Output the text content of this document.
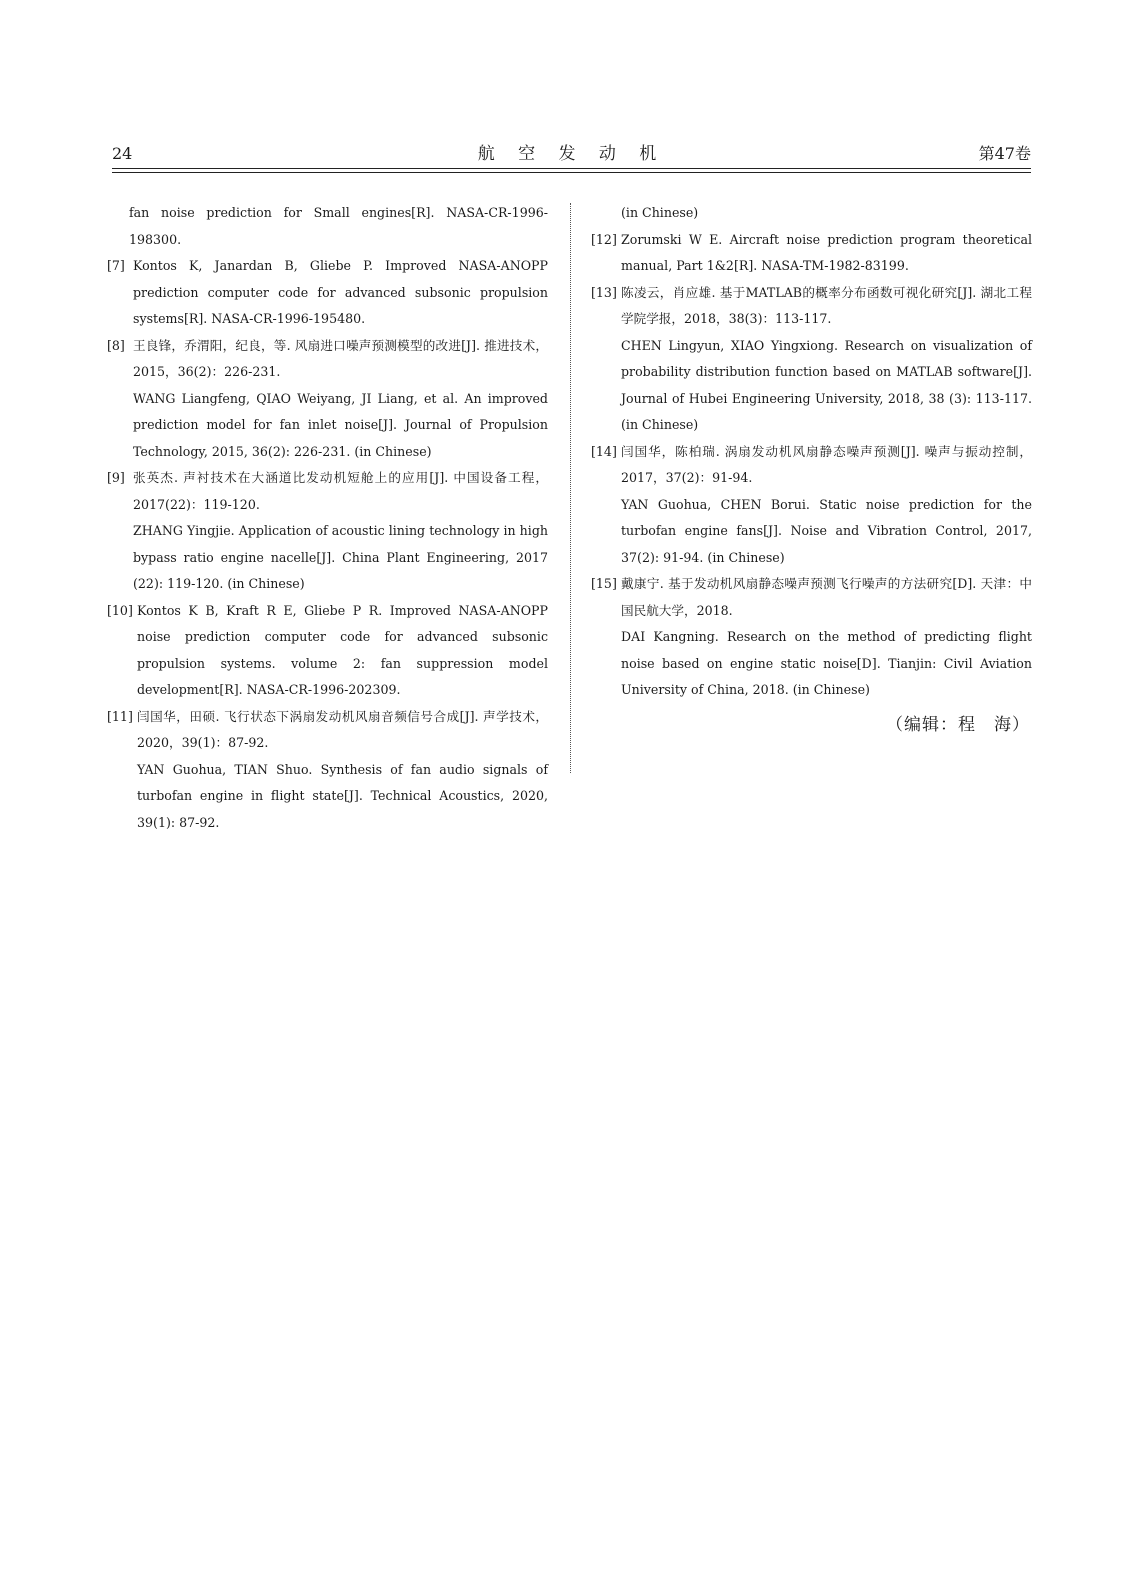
24	航 空 发 动 机	第47卷

fan noise prediction for Small engines[R]. NASA-CR-1996-198300.

[7] Kontos K, Janardan B, Gliebe P. Improved NASA-ANOPP prediction computer code for advanced subsonic propulsion systems[R]. NASA-CR-1996-195480.

[8] 王良锋，乔渭阳，纪良，等. 风扇进口噪声预测模型的改进[J]. 推进技术，2015，36(2)：226-231.

WANG Liangfeng, QIAO Weiyang, JI Liang, et al. An improved prediction model for fan inlet noise[J]. Journal of Propulsion Technology, 2015, 36(2): 226-231. (in Chinese)

[9] 张英杰. 声衬技术在大涵道比发动机短舱上的应用[J]. 中国设备工程，2017(22)：119-120.

ZHANG Yingjie. Application of acoustic lining technology in high bypass ratio engine nacelle[J]. China Plant Engineering, 2017 (22): 119-120. (in Chinese)

[10] Kontos K B, Kraft R E, Gliebe P R. Improved NASA-ANOPP noise prediction computer code for advanced subsonic propulsion systems. volume 2: fan suppression model development[R]. NASA-CR-1996-202309.

[11] 闫国华，田硕. 飞行状态下涡扇发动机风扇音频信号合成[J]. 声学技术，2020，39(1)：87-92.

YAN Guohua, TIAN Shuo. Synthesis of fan audio signals of turbofan engine in flight state[J]. Technical Acoustics, 2020, 39(1): 87-92.

(in Chinese)

[12] Zorumski W E. Aircraft noise prediction program theoretical manual, Part 1&2[R]. NASA-TM-1982-83199.

[13] 陈凌云，肖应雄. 基于MATLAB的概率分布函数可视化研究[J]. 湖北工程学院学报，2018，38(3)：113-117.

CHEN Lingyun, XIAO Yingxiong. Research on visualization of probability distribution function based on MATLAB software[J]. Journal of Hubei Engineering University, 2018, 38 (3): 113-117. (in Chinese)

[14] 闫国华，陈柏瑞. 涡扇发动机风扇静态噪声预测[J]. 噪声与振动控制，2017，37(2)：91-94.

YAN Guohua, CHEN Borui. Static noise prediction for the turbofan engine fans[J]. Noise and Vibration Control, 2017, 37(2): 91-94. (in Chinese)

[15] 戴康宁. 基于发动机风扇静态噪声预测飞行噪声的方法研究[D]. 天津：中国民航大学，2018.

DAI Kangning. Research on the method of predicting flight noise based on engine static noise[D]. Tianjin: Civil Aviation University of China, 2018. (in Chinese)

（编辑：程　海）
